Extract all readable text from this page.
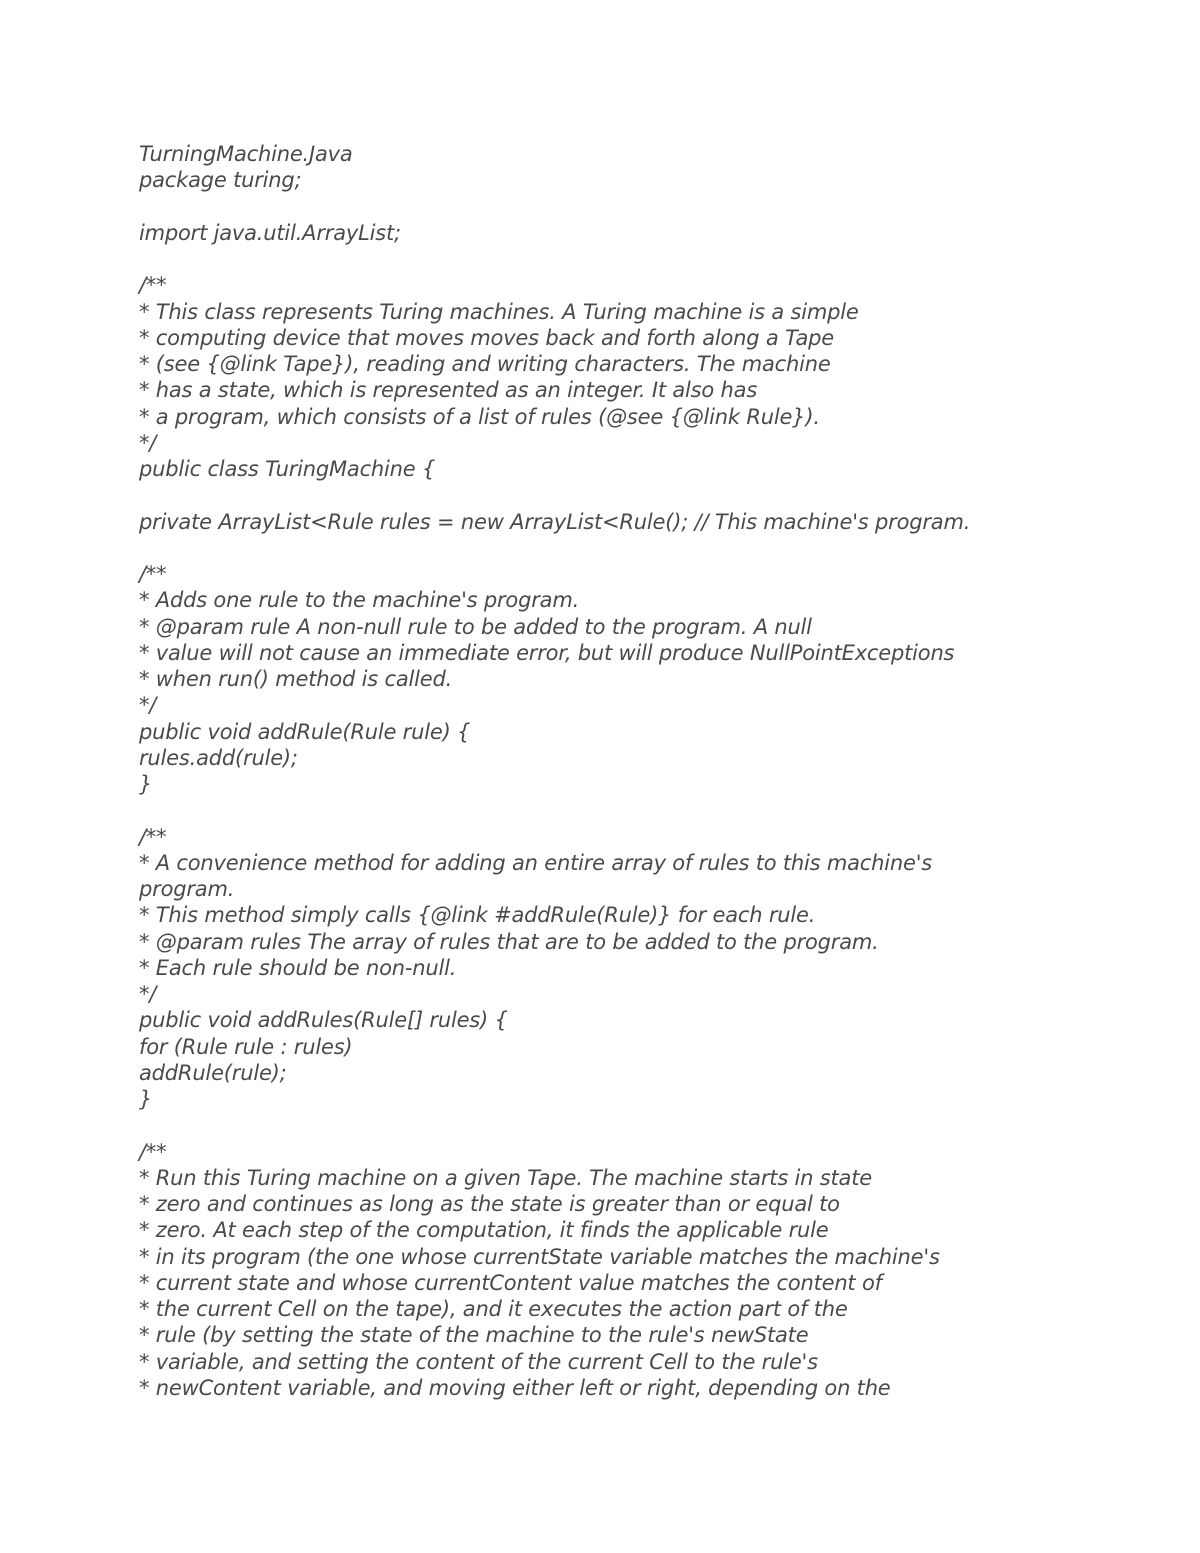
TurningMachine.Java
package turing;
import java.util.ArrayList;
/**
* This class represents Turing machines. A Turing machine is a simple
* computing device that moves moves back and forth along a Tape
* (see {@link Tape}), reading and writing characters. The machine
* has a state, which is represented as an integer. It also has
* a program, which consists of a list of rules (@see {@link Rule}).
*/
public class TuringMachine {
private ArrayList<Rule rules = new ArrayList<Rule(); // This machine's program.
/**
* Adds one rule to the machine's program.
* @param rule A non-null rule to be added to the program. A null
* value will not cause an immediate error, but will produce NullPointExceptions
* when run() method is called.
*/
public void addRule(Rule rule) {
rules.add(rule);
}
/**
* A convenience method for adding an entire array of rules to this machine's
program.
* This method simply calls {@link #addRule(Rule)} for each rule.
* @param rules The array of rules that are to be added to the program.
* Each rule should be non-null.
*/
public void addRules(Rule[] rules) {
for (Rule rule : rules)
addRule(rule);
}
/**
* Run this Turing machine on a given Tape. The machine starts in state
* zero and continues as long as the state is greater than or equal to
* zero. At each step of the computation, it finds the applicable rule
* in its program (the one whose currentState variable matches the machine's
* current state and whose currentContent value matches the content of
* the current Cell on the tape), and it executes the action part of the
* rule (by setting the state of the machine to the rule's newState
* variable, and setting the content of the current Cell to the rule's
* newContent variable, and moving either left or right, depending on the
